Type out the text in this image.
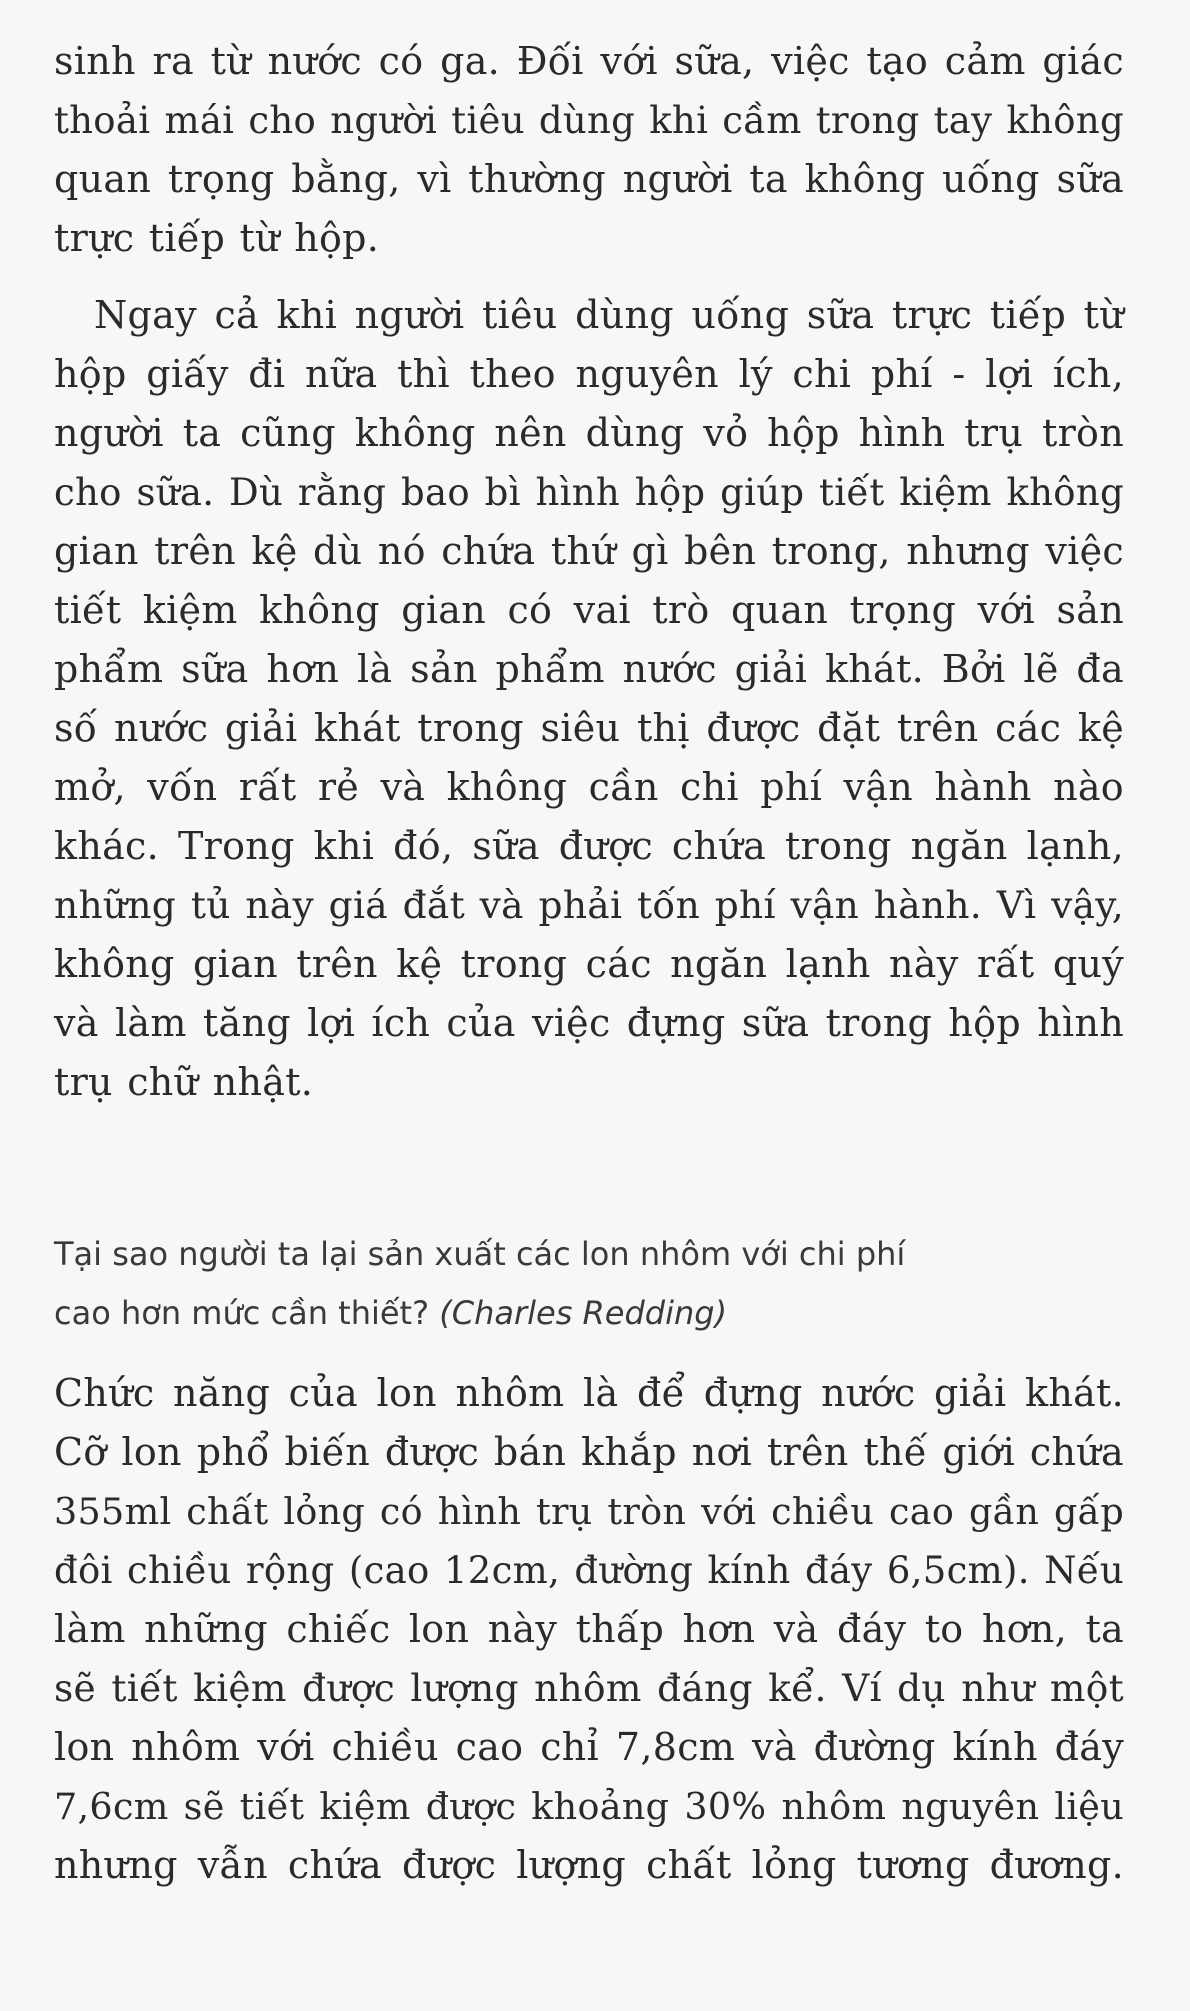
sinh ra từ nước có ga. Đối với sữa, việc tạo cảm giác
thoải mái cho người tiêu dùng khi cầm trong tay không
quan trọng bằng, vì thường người ta không uống sữa
trực tiếp từ hộp.
Ngay cả khi người tiêu dùng uống sữa trực tiếp từ
hộp giấy đi nữa thì theo nguyên lý chi phí - lợi ích,
người ta cũng không nên dùng vỏ hộp hình trụ tròn
cho sữa. Dù rằng bao bì hình hộp giúp tiết kiệm không
gian trên kệ dù nó chứa thứ gì bên trong, nhưng việc
tiết kiệm không gian có vai trò quan trọng với sản
phẩm sữa hơn là sản phẩm nước giải khát. Bởi lẽ đa
số nước giải khát trong siêu thị được đặt trên các kệ
mở, vốn rất rẻ và không cần chi phí vận hành nào
khác. Trong khi đó, sữa được chứa trong ngăn lạnh,
những tủ này giá đắt và phải tốn phí vận hành. Vì vậy,
không gian trên kệ trong các ngăn lạnh này rất quý
và làm tăng lợi ích của việc đựng sữa trong hộp hình
trụ chữ nhật.
Tại sao người ta lại sản xuất các lon nhôm với chi phí
cao hơn mức cần thiết? (Charles Redding)
Chức năng của lon nhôm là để đựng nước giải khát.
Cỡ lon phổ biến được bán khắp nơi trên thế giới chứa
355ml chất lỏng có hình trụ tròn với chiều cao gần gấp
đôi chiều rộng (cao 12cm, đường kính đáy 6,5cm). Nếu
làm những chiếc lon này thấp hơn và đáy to hơn, ta
sẽ tiết kiệm được lượng nhôm đáng kể. Ví dụ như một
lon nhôm với chiều cao chỉ 7,8cm và đường kính đáy
7,6cm sẽ tiết kiệm được khoảng 30% nhôm nguyên liệu
nhưng vẫn chứa được lượng chất lỏng tương đương.
